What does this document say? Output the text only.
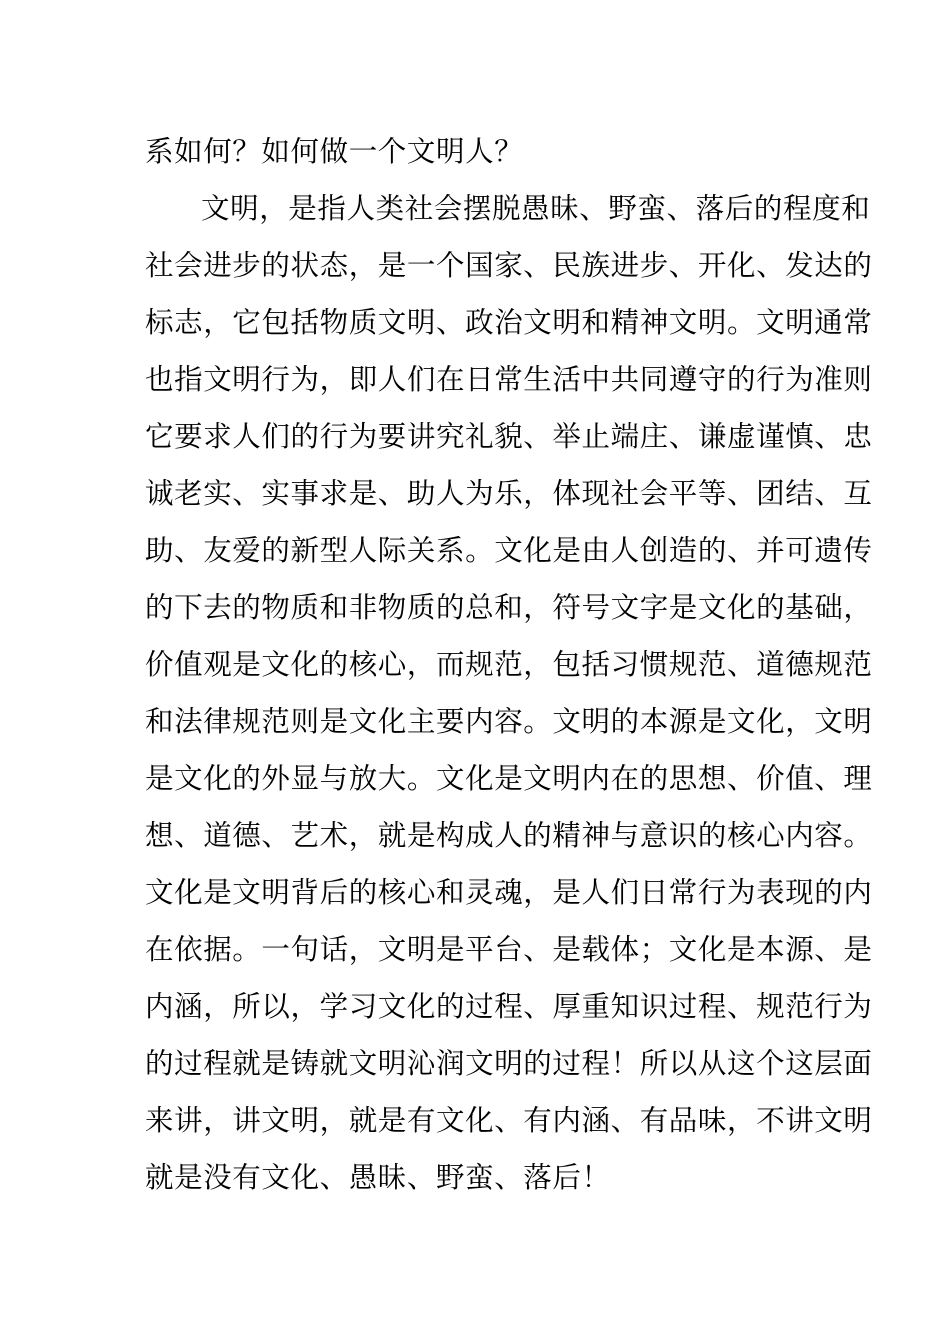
系如何？如何做一个文明人？
文明，是指人类社会摆脱愚昧、野蛮、落后的程度和
社会进步的状态，是一个国家、民族进步、开化、发达的
标志，它包括物质文明、政治文明和精神文明。文明通常
也指文明行为，即人们在日常生活中共同遵守的行为准则
它要求人们的行为要讲究礼貌、举止端庄、谦虚谨慎、忠
诚老实、实事求是、助人为乐，体现社会平等、团结、互
助、友爱的新型人际关系。文化是由人创造的、并可遗传
的下去的物质和非物质的总和，符号文字是文化的基础，
价值观是文化的核心，而规范，包括习惯规范、道德规范
和法律规范则是文化主要内容。文明的本源是文化，文明
是文化的外显与放大。文化是文明内在的思想、价值、理
想、道德、艺术，就是构成人的精神与意识的核心内容。
文化是文明背后的核心和灵魂，是人们日常行为表现的内
在依据。一句话，文明是平台、是载体；文化是本源、是
内涵，所以，学习文化的过程、厚重知识过程、规范行为
的过程就是铸就文明沁润文明的过程！所以从这个这层面
来讲，讲文明，就是有文化、有内涵、有品味，不讲文明
就是没有文化、愚昧、野蛮、落后！
